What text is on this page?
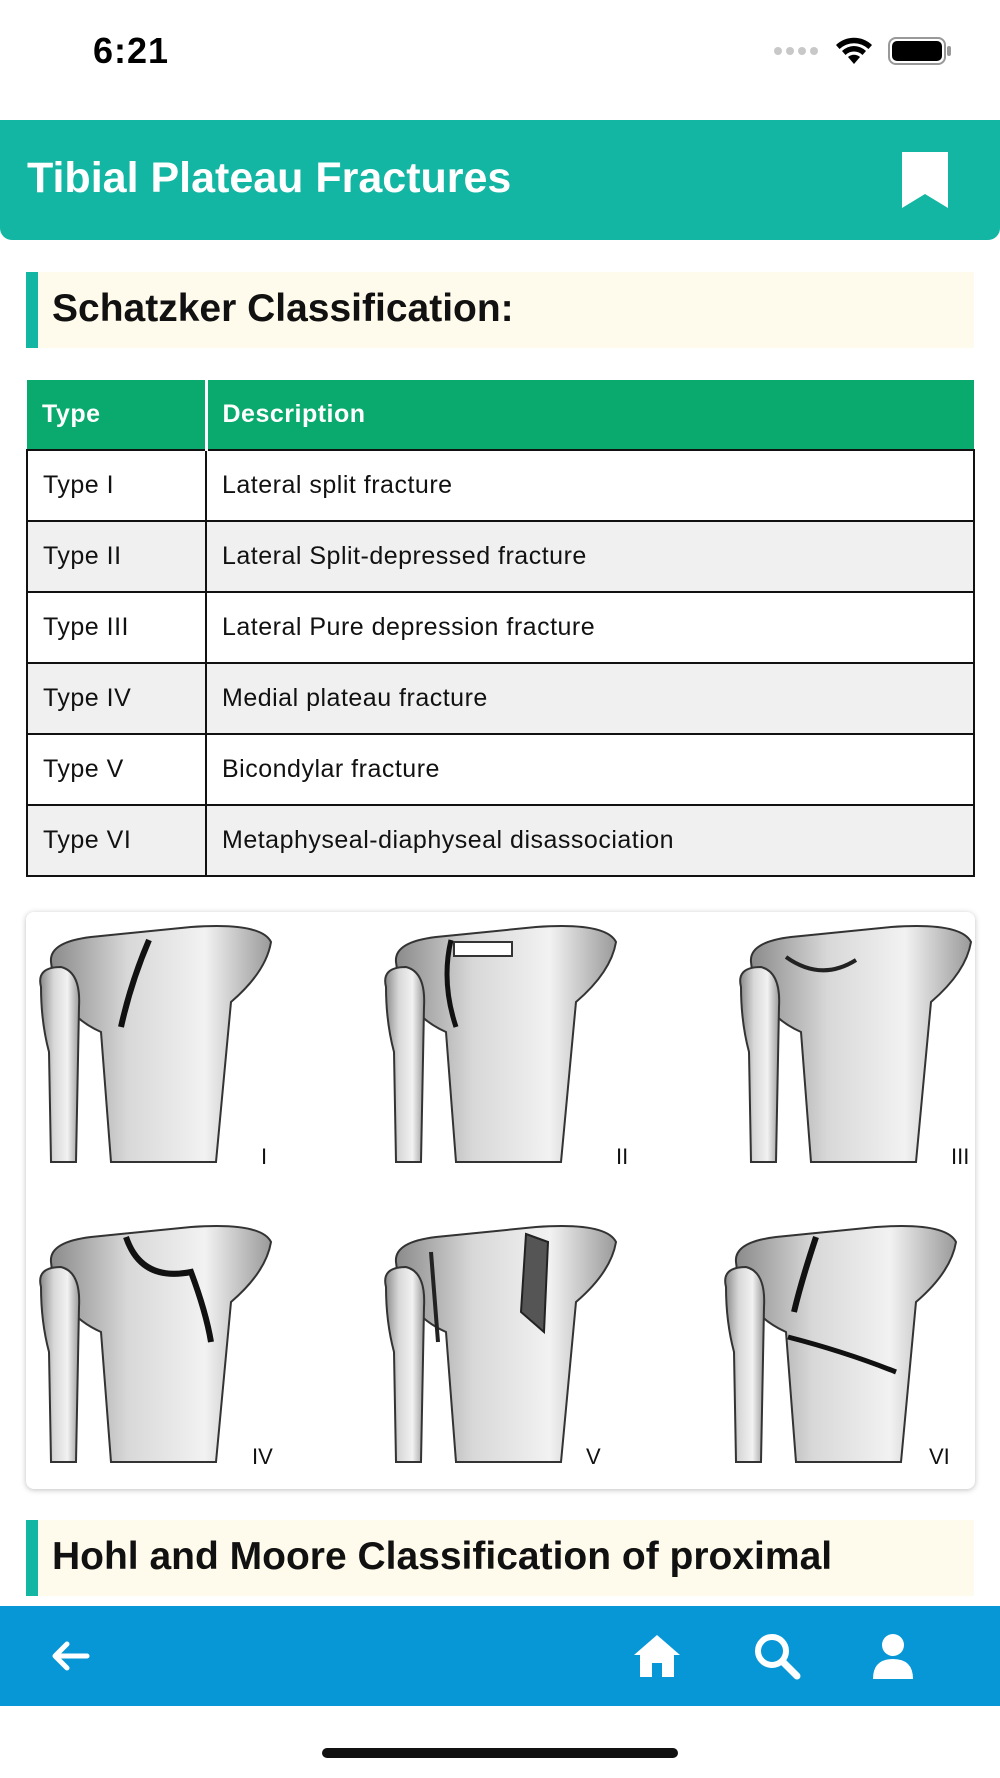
6:21
Tibial Plateau Fractures
Schatzker Classification:
Type	Description
Type I	Lateral split fracture
Type II	Lateral Split-depressed fracture
Type III	Lateral Pure depression fracture
Type IV	Medial plateau fracture
Type V	Bicondylar fracture
Type VI	Metaphyseal-diaphyseal disassociation
I	II	III
IV	V	VI
Hohl and Moore Classification of proximal
